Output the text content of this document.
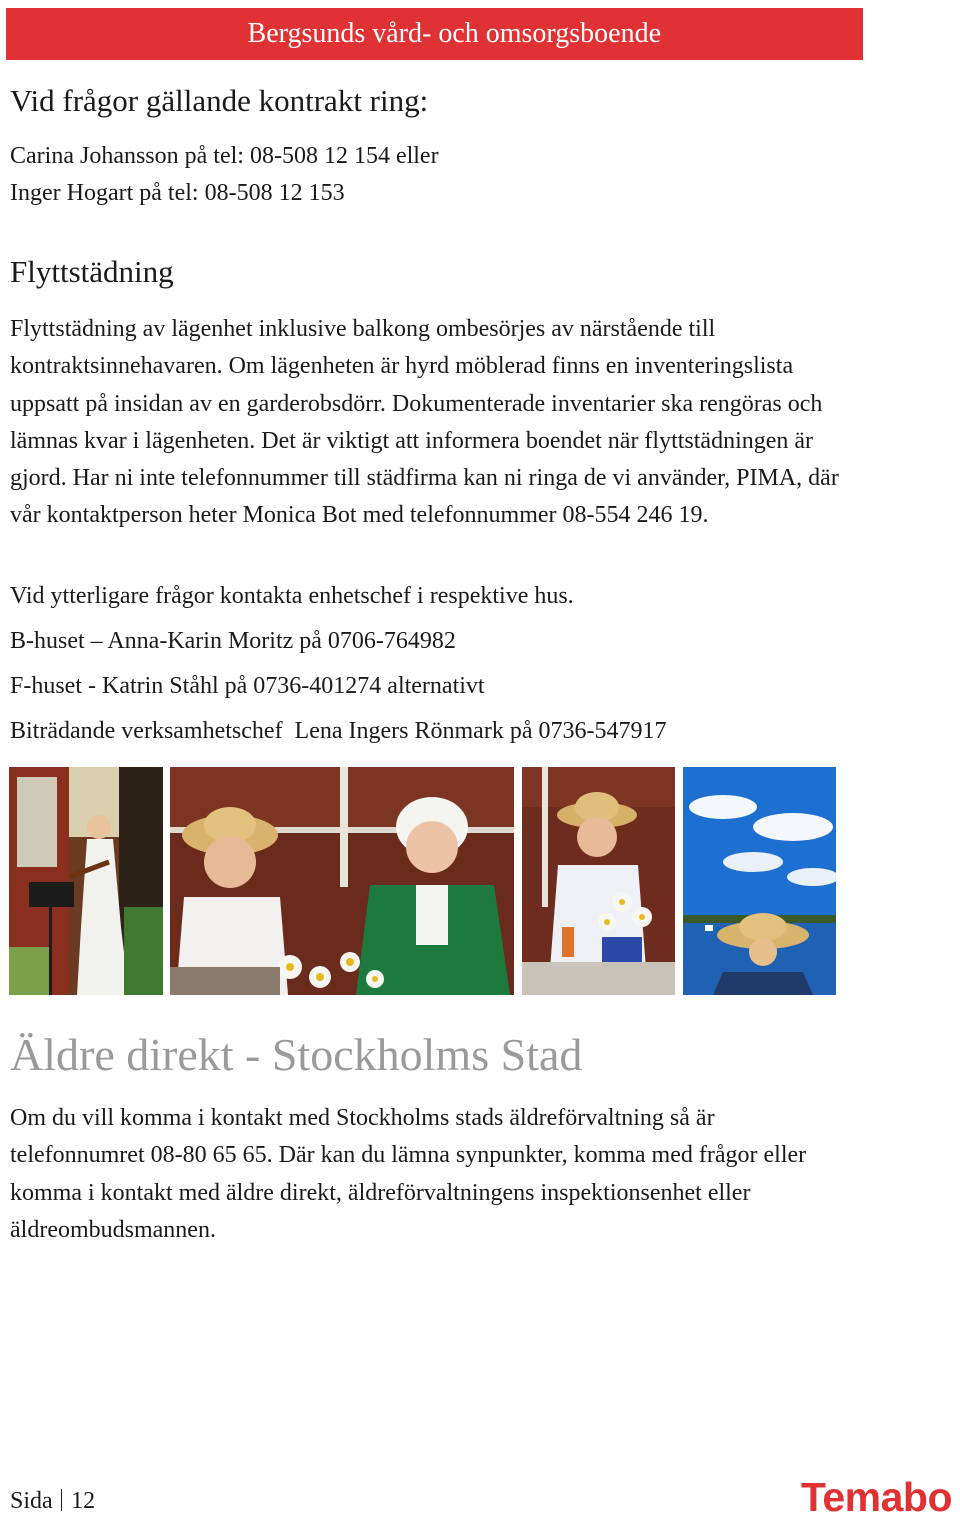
Bergsunds vård- och omsorgsboende
Vid frågor gällande kontrakt ring:
Carina Johansson på tel: 08-508 12 154 eller
Inger Hogart på tel: 08-508 12 153
Flyttstädning
Flyttstädning av lägenhet inklusive balkong ombesörjes av närstående till kontraktsinnehavaren. Om lägenheten är hyrd möblerad finns en inventeringslista uppsatt på insidan av en garderobsdörr. Dokumenterade inventarier ska rengöras och lämnas kvar i lägenheten. Det är viktigt att informera boendet när flyttstädningen är gjord. Har ni inte telefonnummer till städfirma kan ni ringa de vi använder, PIMA, där vår kontaktperson heter Monica Bot med telefonnummer 08-554 246 19.
Vid ytterligare frågor kontakta enhetschef i respektive hus.
B-huset – Anna-Karin Moritz på 0706-764982
F-huset - Katrin Ståhl på 0736-401274 alternativt
Biträdande verksamhetschef  Lena Ingers Rönmark på 0736-547917
Äldre direkt - Stockholms Stad
Om du vill komma i kontakt med Stockholms stads äldreförvaltning så är telefonnumret 08-80 65 65. Där kan du lämna synpunkter, komma med frågor eller komma i kontakt med äldre direkt, äldreförvaltningens inspektionsenhet eller äldreombudsmannen.
Sida 12	Temabo
